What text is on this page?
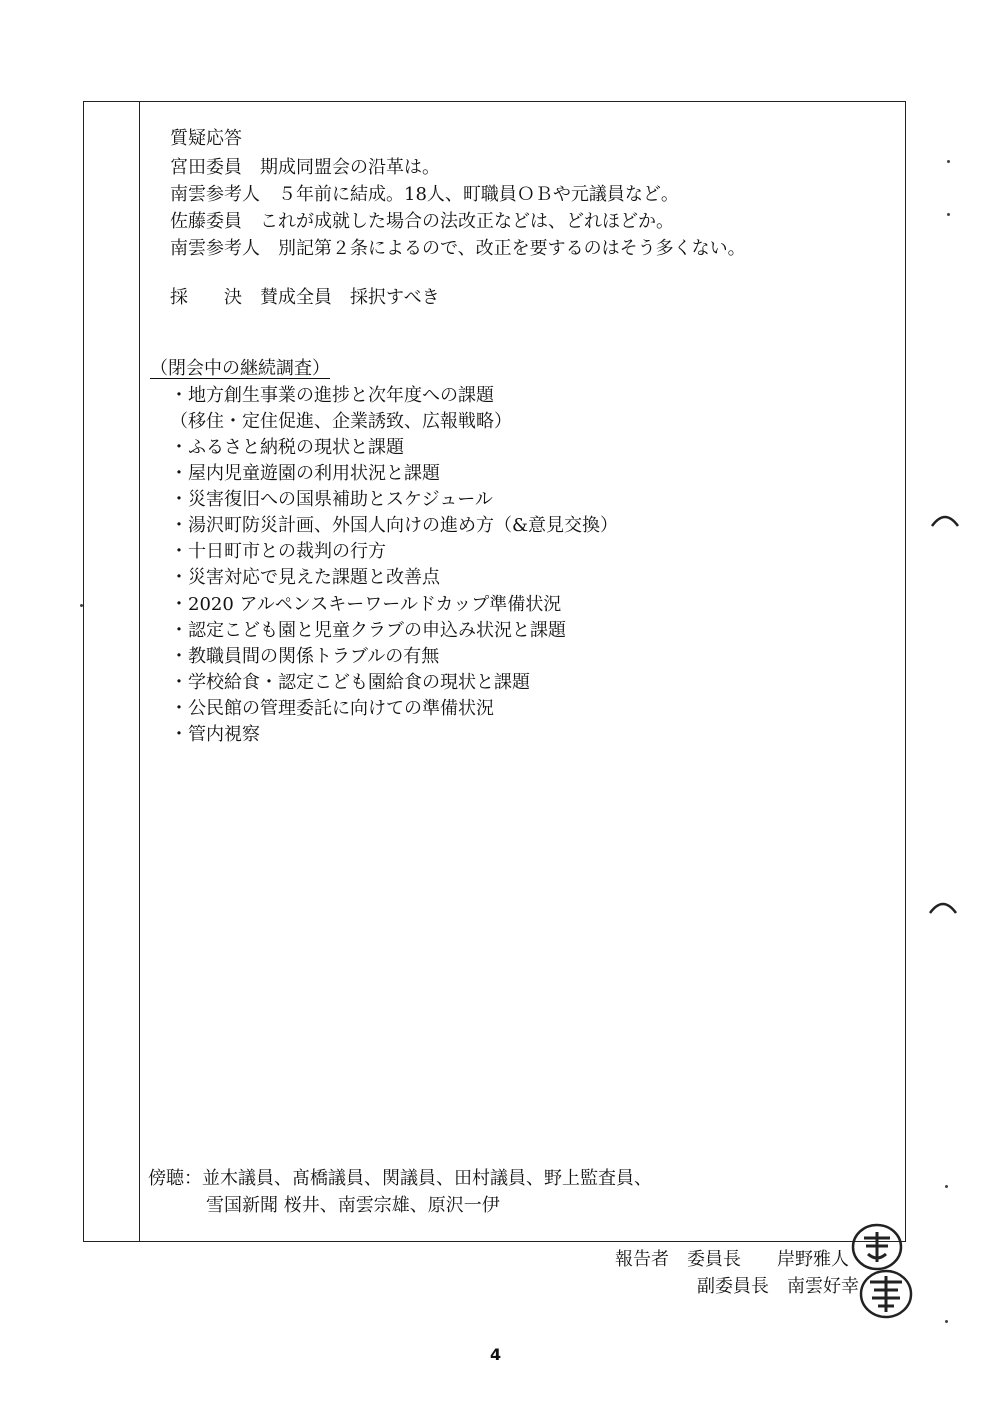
質疑応答
宮田委員　期成同盟会の沿革は。
南雲参考人　５年前に結成。18人、町職員ＯＢや元議員など。
佐藤委員　これが成就した場合の法改正などは、どれほどか。
南雲参考人　別記第２条によるので、改正を要するのはそう多くない。
採　　決　賛成全員　採択すべき
（閉会中の継続調査）
・地方創生事業の進捗と次年度への課題
（移住・定住促進、企業誘致、広報戦略）
・ふるさと納税の現状と課題
・屋内児童遊園の利用状況と課題
・災害復旧への国県補助とスケジュール
・湯沢町防災計画、外国人向けの進め方（&意見交換）
・十日町市との裁判の行方
・災害対応で見えた課題と改善点
・2020 アルペンスキーワールドカップ準備状況
・認定こども園と児童クラブの申込み状況と課題
・教職員間の関係トラブルの有無
・学校給食・認定こども園給食の現状と課題
・公民館の管理委託に向けての準備状況
・管内視察
傍聴：並木議員、髙橋議員、関議員、田村議員、野上監査員、
雪国新聞 桜井、南雲宗雄、原沢一伊
報告者　委員長　　岸野雅人
副委員長　南雲好幸
4
